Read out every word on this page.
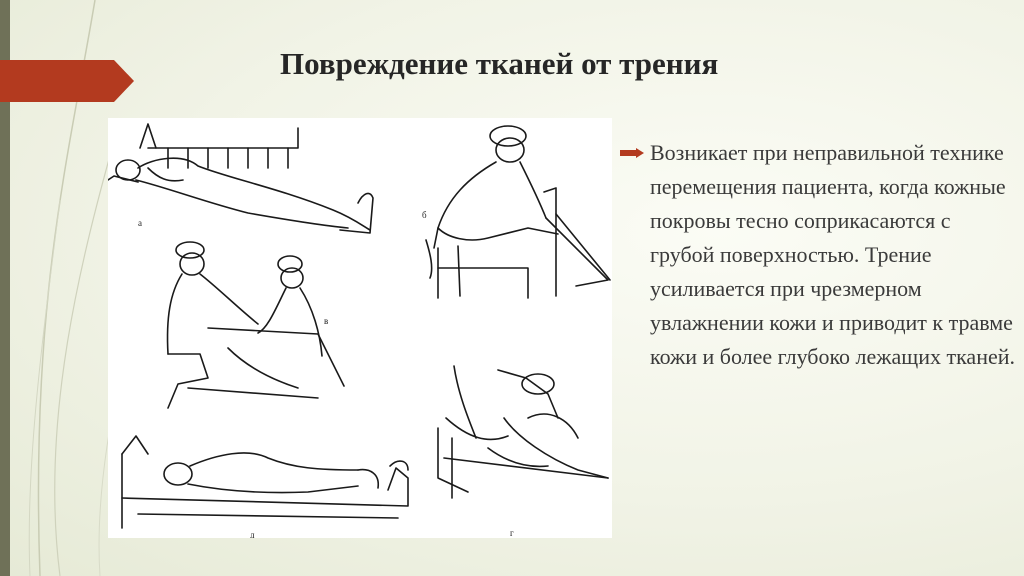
Повреждение тканей от трения
а
б
в
д	г

Возникает при неправильной технике перемещения пациента, когда кожные покровы тесно соприкасаются с грубой поверхностью. Трение усиливается при чрезмерном увлажнении кожи и приводит к травме кожи и более глубоко лежащих тканей.
